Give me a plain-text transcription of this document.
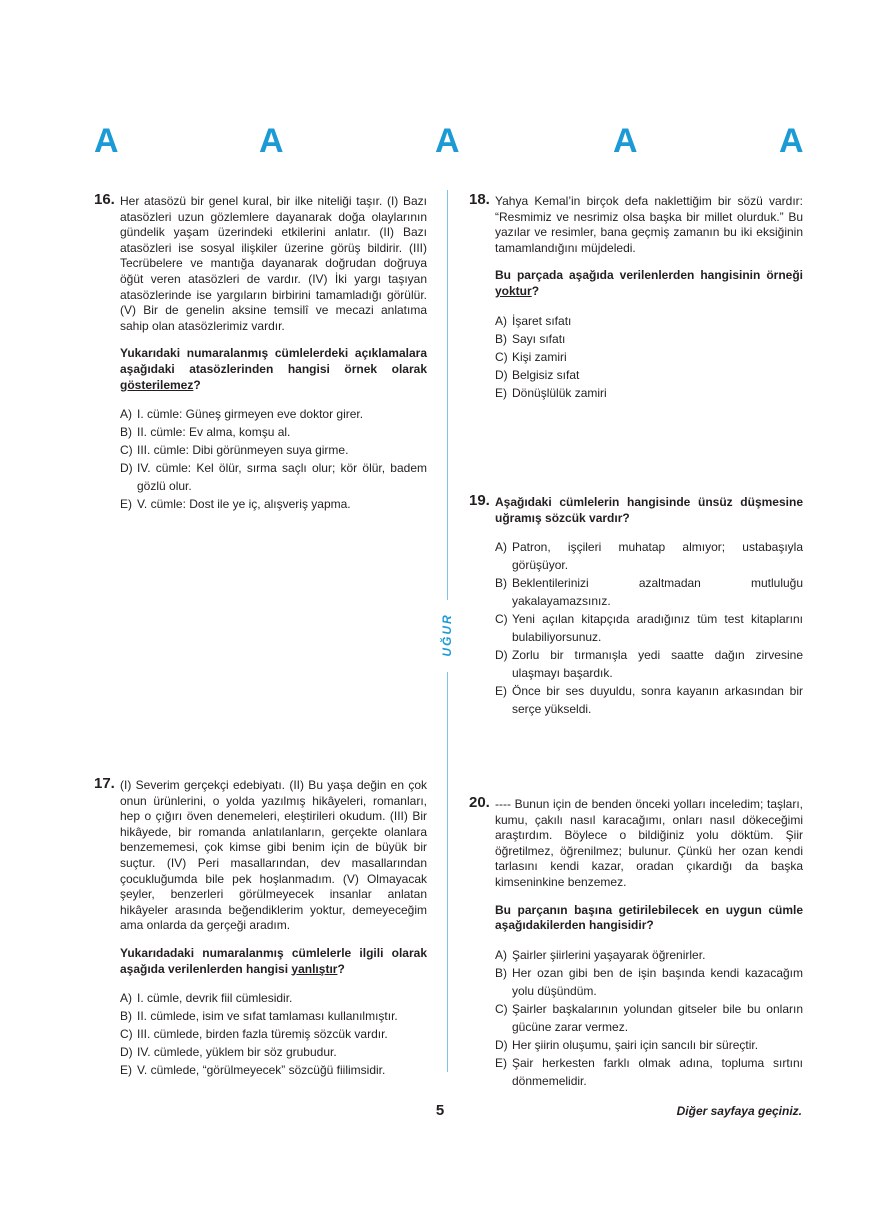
A	A	A	A	A
UĞUR
16. Her atasözü bir genel kural, bir ilke niteliği taşır. (I) Bazı atasözleri uzun gözlemlere dayanarak doğa olaylarının gündelik yaşam üzerindeki etkilerini anlatır. (II) Bazı atasözleri ise sosyal ilişkiler üzerine görüş bildirir. (III) Tecrübelere ve mantığa dayanarak doğrudan doğruya öğüt veren atasözleri de vardır. (IV) İki yargı taşıyan atasözlerinde ise yargıların birbirini tamamladığı görülür. (V) Bir de genelin aksine temsilî ve mecazi anlatıma sahip olan atasözlerimiz vardır.
Yukarıdaki numaralanmış cümlelerdeki açıklamalara aşağıdaki atasözlerinden hangisi örnek olarak gösterilemez?
A) I. cümle: Güneş girmeyen eve doktor girer.
B) II. cümle: Ev alma, komşu al.
C) III. cümle: Dibi görünmeyen suya girme.
D) IV. cümle: Kel ölür, sırma saçlı olur; kör ölür, badem gözlü olur.
E) V. cümle: Dost ile ye iç, alışveriş yapma.
17. (I) Severim gerçekçi edebiyatı. (II) Bu yaşa değin en çok onun ürünlerini, o yolda yazılmış hikâyeleri, romanları, hep o çığırı öven denemeleri, eleştirileri okudum. (III) Bir hikâyede, bir romanda anlatılanların, gerçekte olanlara benzememesi, çok kimse gibi benim için de büyük bir suçtur. (IV) Peri masallarından, dev masallarından çocukluğumda bile pek hoşlanmadım. (V) Olmayacak şeyler, benzerleri görülmeyecek insanlar anlatan hikâyeler arasında beğendiklerim yoktur, demeyeceğim ama onlarda da gerçeği aradım.
Yukarıdadaki numaralanmış cümlelerle ilgili olarak aşağıda verilenlerden hangisi yanlıştır?
A) I. cümle, devrik fiil cümlesidir.
B) II. cümlede, isim ve sıfat tamlaması kullanılmıştır.
C) III. cümlede, birden fazla türemiş sözcük vardır.
D) IV. cümlede, yüklem bir söz grubudur.
E) V. cümlede, “görülmeyecek” sözcüğü fiilimsidir.
18. Yahya Kemal’in birçok defa naklettiğim bir sözü vardır: “Resmimiz ve nesrimiz olsa başka bir millet olurduk.” Bu yazılar ve resimler, bana geçmiş zamanın bu iki eksiğinin tamamlandığını müjdeledi.
Bu parçada aşağıda verilenlerden hangisinin örneği yoktur?
A) İşaret sıfatı
B) Sayı sıfatı
C) Kişi zamiri
D) Belgisiz sıfat
E) Dönüşlülük zamiri
19. Aşağıdaki cümlelerin hangisinde ünsüz düşmesine uğramış sözcük vardır?
A) Patron, işçileri muhatap almıyor; ustabaşıyla görüşüyor.
B) Beklentilerinizi azaltmadan mutluluğu yakalayamazsınız.
C) Yeni açılan kitapçıda aradığınız tüm test kitaplarını bulabiliyorsunuz.
D) Zorlu bir tırmanışla yedi saatte dağın zirvesine ulaşmayı başardık.
E) Önce bir ses duyuldu, sonra kayanın arkasından bir serçe yükseldi.
20. ---- Bunun için de benden önceki yolları inceledim; taşları, kumu, çakılı nasıl karacağımı, onları nasıl dökeceğimi araştırdım. Böylece o bildiğiniz yolu döktüm. Şiir öğretilmez, öğrenilmez; bulunur. Çünkü her ozan kendi tarlasını kendi kazar, oradan çıkardığı da başka kimseninkine benzemez.
Bu parçanın başına getirilebilecek en uygun cümle aşağıdakilerden hangisidir?
A) Şairler şiirlerini yaşayarak öğrenirler.
B) Her ozan gibi ben de işin başında kendi kazacağım yolu düşündüm.
C) Şairler başkalarının yolundan gitseler bile bu onların gücüne zarar vermez.
D) Her şiirin oluşumu, şairi için sancılı bir süreçtir.
E) Şair herkesten farklı olmak adına, topluma sırtını dönmemelidir.
5	Diğer sayfaya geçiniz.
